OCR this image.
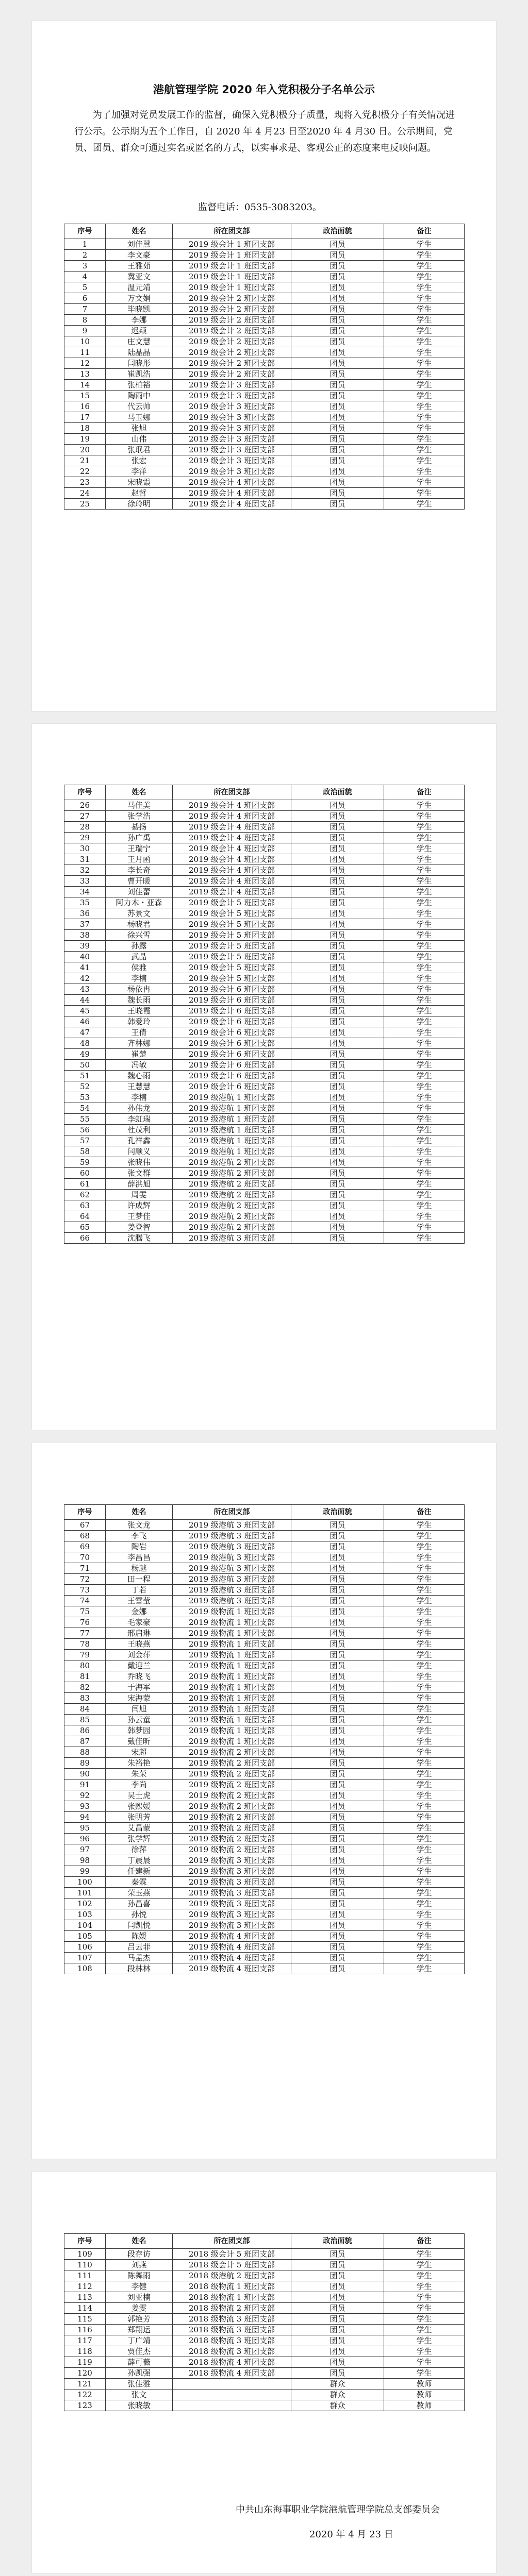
港航管理学院 2020 年入党积极分子名单公示
为了加强对党员发展工作的监督，确保入党积极分子质量，现将入党积极分子有关情况进行公示。公示期为五个工作日，自 2020 年 4 月23 日至2020 年 4 月30 日。公示期间，党员、团员、群众可通过实名或匿名的方式，以实事求是、客观公正的态度来电反映问题。
监督电话：0535-3083203。
序号	姓名	所在团支部	政治面貌	备注
1	刘佳慧	2019 级会计 1 班团支部	团员	学生
2	李文豪	2019 级会计 1 班团支部	团员	学生
3	王雅茹	2019 级会计 1 班团支部	团员	学生
4	冀亚文	2019 级会计 1 班团支部	团员	学生
5	温元靖	2019 级会计 1 班团支部	团员	学生
6	万文娟	2019 级会计 2 班团支部	团员	学生
7	毕晓凯	2019 级会计 2 班团支部	团员	学生
8	李娜	2019 级会计 2 班团支部	团员	学生
9	迟颖	2019 级会计 2 班团支部	团员	学生
10	庄文慧	2019 级会计 2 班团支部	团员	学生
11	陆晶晶	2019 级会计 2 班团支部	团员	学生
12	闫晓彤	2019 级会计 2 班团支部	团员	学生
13	崔凯浩	2019 级会计 2 班团支部	团员	学生
14	张柏裕	2019 级会计 3 班团支部	团员	学生
15	陶雨中	2019 级会计 3 班团支部	团员	学生
16	代云帅	2019 级会计 3 班团支部	团员	学生
17	马玉娜	2019 级会计 3 班团支部	团员	学生
18	张旭	2019 级会计 3 班团支部	团员	学生
19	山伟	2019 级会计 3 班团支部	团员	学生
20	张珉君	2019 级会计 3 班团支部	团员	学生
21	张宏	2019 级会计 3 班团支部	团员	学生
22	李洋	2019 级会计 3 班团支部	团员	学生
23	宋晓霞	2019 级会计 4 班团支部	团员	学生
24	赵哲	2019 级会计 4 班团支部	团员	学生
25	徐玲明	2019 级会计 4 班团支部	团员	学生
序号	姓名	所在团支部	政治面貌	备注
26	马佳美	2019 级会计 4 班团支部	团员	学生
27	张学浩	2019 级会计 4 班团支部	团员	学生
28	綦扬	2019 级会计 4 班团支部	团员	学生
29	孙广禹	2019 级会计 4 班团支部	团员	学生
30	王瑞宁	2019 级会计 4 班团支部	团员	学生
31	王月函	2019 级会计 4 班团支部	团员	学生
32	李长奇	2019 级会计 4 班团支部	团员	学生
33	曹开暖	2019 级会计 4 班团支部	团员	学生
34	刘佳蕾	2019 级会计 4 班团支部	团员	学生
35	阿力木・亚森	2019 级会计 5 班团支部	团员	学生
36	苏景文	2019 级会计 5 班团支部	团员	学生
37	杨晓君	2019 级会计 5 班团支部	团员	学生
38	徐兴雪	2019 级会计 5 班团支部	团员	学生
39	孙露	2019 级会计 5 班团支部	团员	学生
40	武晶	2019 级会计 5 班团支部	团员	学生
41	侯雅	2019 级会计 5 班团支部	团员	学生
42	李楠	2019 级会计 5 班团支部	团员	学生
43	杨依冉	2019 级会计 6 班团支部	团员	学生
44	魏长雨	2019 级会计 6 班团支部	团员	学生
45	王晓霞	2019 级会计 6 班团支部	团员	学生
46	韩爱玲	2019 级会计 6 班团支部	团员	学生
47	王倩	2019 级会计 6 班团支部	团员	学生
48	齐林娜	2019 级会计 6 班团支部	团员	学生
49	崔楚	2019 级会计 6 班团支部	团员	学生
50	冯敏	2019 级会计 6 班团支部	团员	学生
51	魏心雨	2019 级会计 6 班团支部	团员	学生
52	王慧慧	2019 级会计 6 班团支部	团员	学生
53	李楠	2019 级港航 1 班团支部	团员	学生
54	孙伟龙	2019 级港航 1 班团支部	团员	学生
55	李虹瑞	2019 级港航 1 班团支部	团员	学生
56	杜茂利	2019 级港航 1 班团支部	团员	学生
57	孔祥鑫	2019 级港航 1 班团支部	团员	学生
58	闫顺义	2019 级港航 1 班团支部	团员	学生
59	张晓伟	2019 级港航 2 班团支部	团员	学生
60	张文群	2019 级港航 2 班团支部	团员	学生
61	薛洪旭	2019 级港航 2 班团支部	团员	学生
62	周雯	2019 级港航 2 班团支部	团员	学生
63	许成辉	2019 级港航 2 班团支部	团员	学生
64	王梦佳	2019 级港航 2 班团支部	团员	学生
65	姜登智	2019 级港航 2 班团支部	团员	学生
66	沈腾飞	2019 级港航 3 班团支部	团员	学生
序号	姓名	所在团支部	政治面貌	备注
67	张文龙	2019 级港航 3 班团支部	团员	学生
68	李飞	2019 级港航 3 班团支部	团员	学生
69	陶岩	2019 级港航 3 班团支部	团员	学生
70	李昌昌	2019 级港航 3 班团支部	团员	学生
71	杨越	2019 级港航 3 班团支部	团员	学生
72	田一程	2019 级港航 3 班团支部	团员	学生
73	丁若	2019 级港航 3 班团支部	团员	学生
74	王雪莹	2019 级港航 3 班团支部	团员	学生
75	金娜	2019 级物流 1 班团支部	团员	学生
76	毛家豪	2019 级物流 1 班团支部	团员	学生
77	邢启琳	2019 级物流 1 班团支部	团员	学生
78	王晓燕	2019 级物流 1 班团支部	团员	学生
79	刘金萍	2019 级物流 1 班团支部	团员	学生
80	戴迎兰	2019 级物流 1 班团支部	团员	学生
81	乔晓飞	2019 级物流 1 班团支部	团员	学生
82	于海军	2019 级物流 1 班团支部	团员	学生
83	宋海蒙	2019 级物流 1 班团支部	团员	学生
84	闫旭	2019 级物流 1 班团支部	团员	学生
85	孙云童	2019 级物流 1 班团支部	团员	学生
86	韩梦园	2019 级物流 1 班团支部	团员	学生
87	戴佳昕	2019 级物流 1 班团支部	团员	学生
88	宋超	2019 级物流 2 班团支部	团员	学生
89	朱裕艳	2019 级物流 2 班团支部	团员	学生
90	朱荣	2019 级物流 2 班团支部	团员	学生
91	李尚	2019 级物流 2 班团支部	团员	学生
92	吴士虎	2019 级物流 2 班团支部	团员	学生
93	张熙媛	2019 级物流 2 班团支部	团员	学生
94	张明芳	2019 级物流 2 班团支部	团员	学生
95	艾昌蒙	2019 级物流 2 班团支部	团员	学生
96	张学辉	2019 级物流 2 班团支部	团员	学生
97	徐萍	2019 级物流 2 班团支部	团员	学生
98	丁晨晨	2019 级物流 3 班团支部	团员	学生
99	任建新	2019 级物流 3 班团支部	团员	学生
100	秦霖	2019 级物流 3 班团支部	团员	学生
101	荣玉燕	2019 级物流 3 班团支部	团员	学生
102	孙昌喜	2019 级物流 3 班团支部	团员	学生
103	孙悦	2019 级物流 3 班团支部	团员	学生
104	闫凯悦	2019 级物流 3 班团支部	团员	学生
105	陈媛	2019 级物流 4 班团支部	团员	学生
106	吕云菲	2019 级物流 4 班团支部	团员	学生
107	马孟杰	2019 级物流 4 班团支部	团员	学生
108	段林林	2019 级物流 4 班团支部	团员	学生
序号	姓名	所在团支部	政治面貌	备注
109	段存访	2018 级会计 5 班团支部	团员	学生
110	刘燕	2018 级会计 5 班团支部	团员	学生
111	陈舞雨	2018 级港航 2 班团支部	团员	学生
112	李健	2018 级物流 1 班团支部	团员	学生
113	刘亚楠	2018 级物流 1 班团支部	团员	学生
114	姜雯	2018 级物流 2 班团支部	团员	学生
115	郭艳芳	2018 级物流 3 班团支部	团员	学生
116	郑翔运	2018 级物流 3 班团支部	团员	学生
117	丁广靖	2018 级物流 3 班团支部	团员	学生
118	贾佳杰	2018 级物流 3 班团支部	团员	学生
119	薛可薇	2018 级物流 4 班团支部	团员	学生
120	孙凯强	2018 级物流 4 班团支部	团员	学生
121	张佳雅		群众	教师
122	张文		群众	教师
123	张晓敏		群众	教师
中共山东海事职业学院港航管理学院总支部委员会
2020 年 4 月 23 日
